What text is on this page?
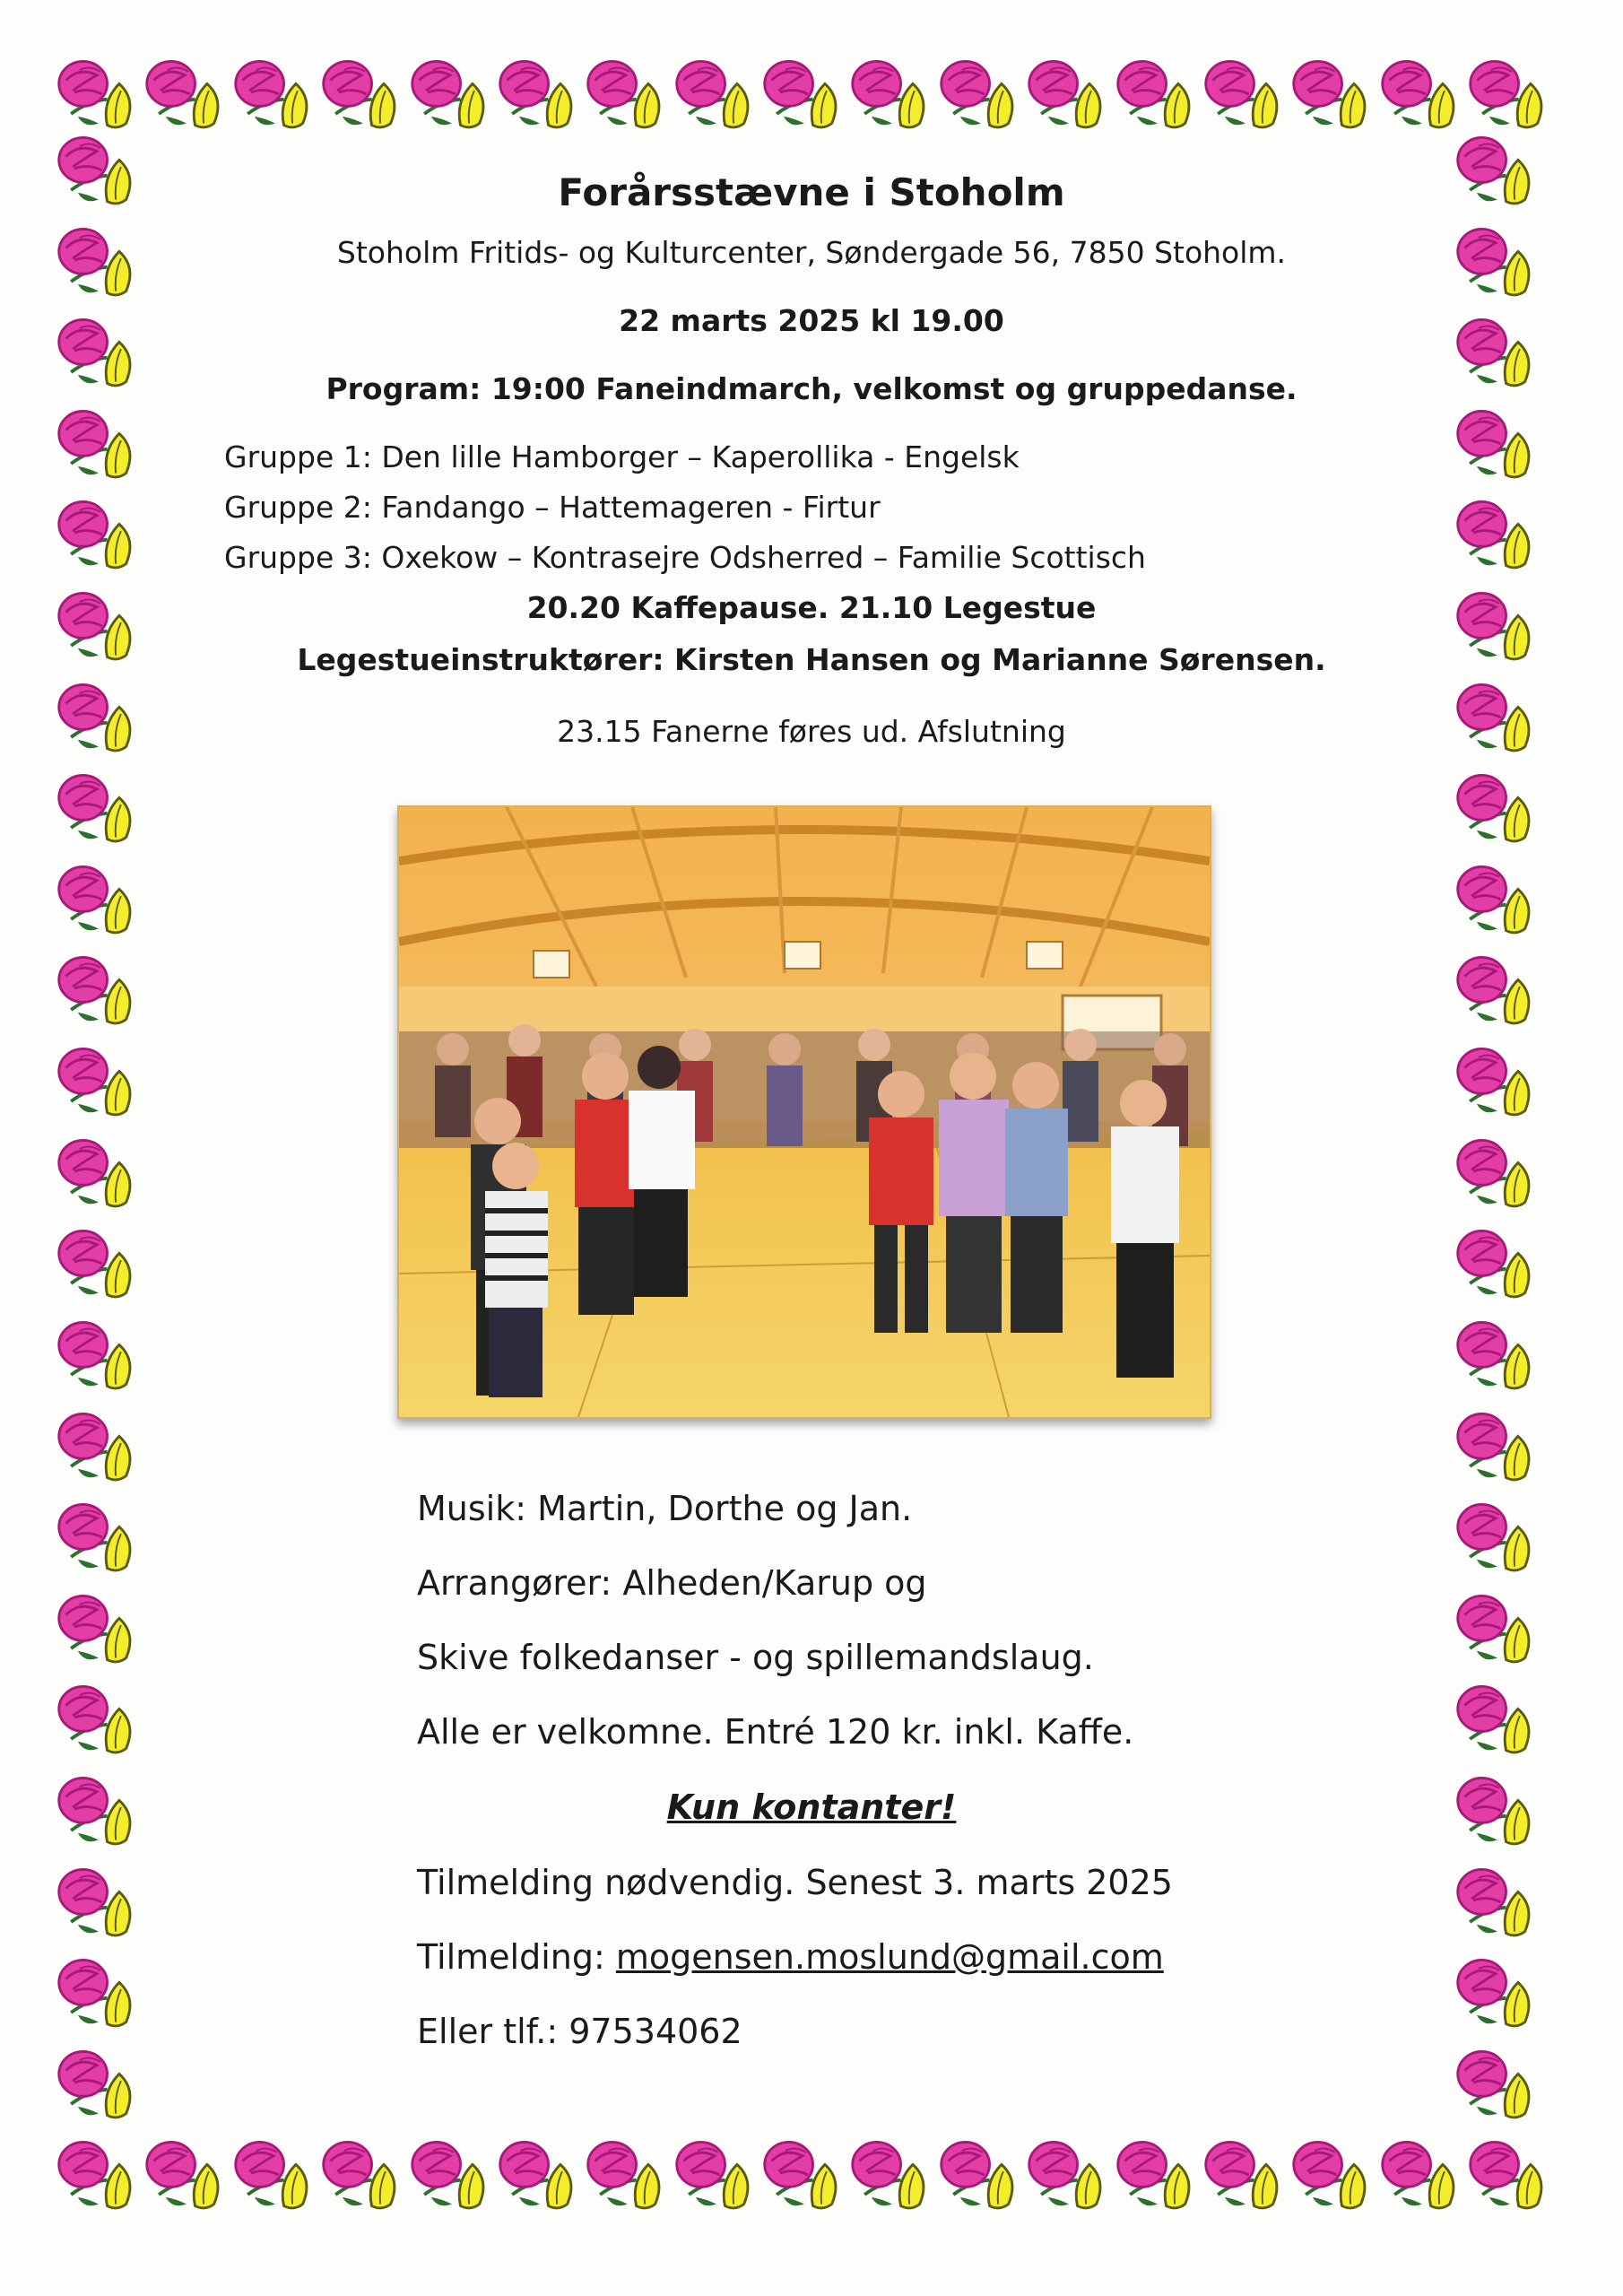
Forårsstævne i Stoholm
Stoholm Fritids- og Kulturcenter, Søndergade 56, 7850 Stoholm.
22 marts 2025 kl 19.00
Program: 19:00 Faneindmarch, velkomst og gruppedanse.
Gruppe 1: Den lille Hamborger – Kaperollika - Engelsk
Gruppe 2: Fandango – Hattemageren - Firtur
Gruppe 3: Oxekow – Kontrasejre Odsherred – Familie Scottisch
20.20 Kaffepause. 21.10 Legestue
Legestueinstruktører: Kirsten Hansen og Marianne Sørensen.
23.15 Fanerne føres ud. Afslutning
Musik: Martin, Dorthe og Jan.
Arrangører: Alheden/Karup og
Skive folkedanser - og spillemandslaug.
Alle er velkomne. Entré 120 kr. inkl. Kaffe.
Kun kontanter!
Tilmelding nødvendig. Senest 3. marts 2025
Tilmelding: mogensen.moslund@gmail.com
Eller tlf.: 97534062
